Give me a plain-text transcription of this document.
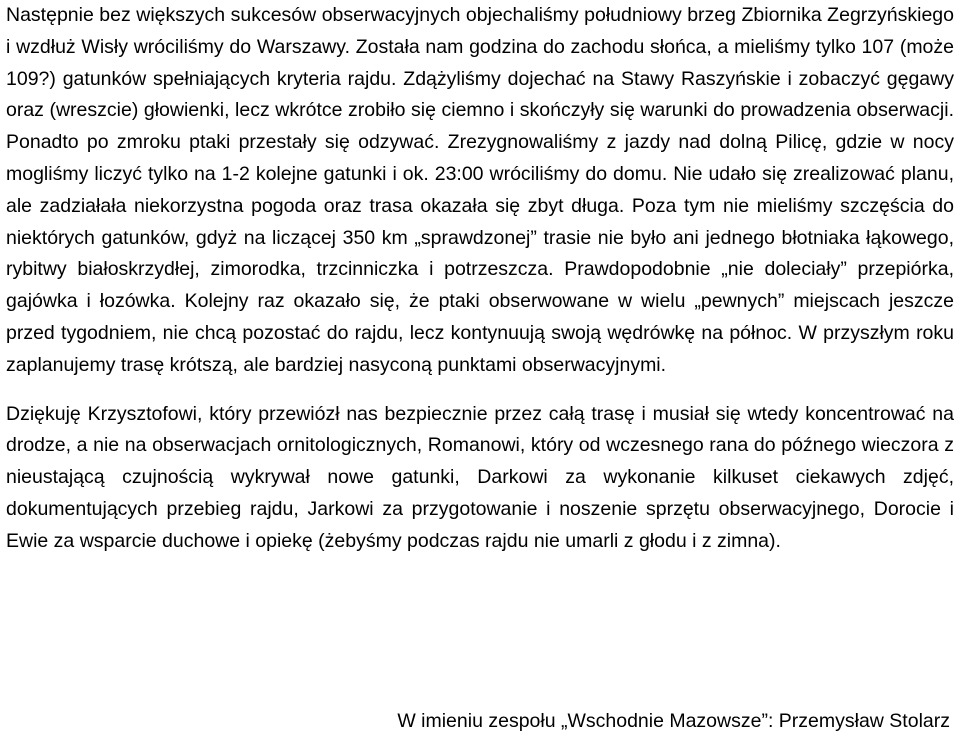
Następnie bez większych sukcesów obserwacyjnych objechaliśmy południowy brzeg Zbiornika Zegrzyńskiego i wzdłuż Wisły wróciliśmy do Warszawy. Została nam godzina do zachodu słońca, a mieliśmy tylko 107 (może 109?) gatunków spełniających kryteria rajdu. Zdążyliśmy dojechać na Stawy Raszyńskie i zobaczyć gęgawy oraz (wreszcie) głowienki, lecz wkrótce zrobiło się ciemno i skończyły się warunki do prowadzenia obserwacji. Ponadto po zmroku ptaki przestały się odzywać. Zrezygnowaliśmy z jazdy nad dolną Pilicę, gdzie w nocy mogliśmy liczyć tylko na 1-2 kolejne gatunki i ok. 23:00 wróciliśmy do domu. Nie udało się zrealizować planu, ale zadziałała niekorzystna pogoda oraz trasa okazała się zbyt długa. Poza tym nie mieliśmy szczęścia do niektórych gatunków, gdyż na liczącej 350 km „sprawdzonej” trasie nie było ani jednego błotniaka łąkowego, rybitwy białoskrzydłej, zimorodka, trzcinniczka i potrzeszcza. Prawdopodobnie „nie doleciały” przepiórka, gajówka i łozówka. Kolejny raz okazało się, że ptaki obserwowane w wielu „pewnych” miejscach jeszcze przed tygodniem, nie chcą pozostać do rajdu, lecz kontynuują swoją wędrówkę na północ. W przyszłym roku zaplanujemy trasę krótszą, ale bardziej nasyconą punktami obserwacyjnymi.

Dziękuję Krzysztofowi, który przewiózł nas bezpiecznie przez całą trasę i musiał się wtedy koncentrować na drodze, a nie na obserwacjach ornitologicznych, Romanowi, który od wczesnego rana do późnego wieczora z nieustającą czujnością wykrywał nowe gatunki, Darkowi za wykonanie kilkuset ciekawych zdjęć, dokumentujących przebieg rajdu, Jarkowi za przygotowanie i noszenie sprzętu obserwacyjnego, Dorocie i Ewie za wsparcie duchowe i opiekę (żebyśmy podczas rajdu nie umarli z głodu i z zimna).

W imieniu zespołu „Wschodnie Mazowsze”: Przemysław Stolarz
